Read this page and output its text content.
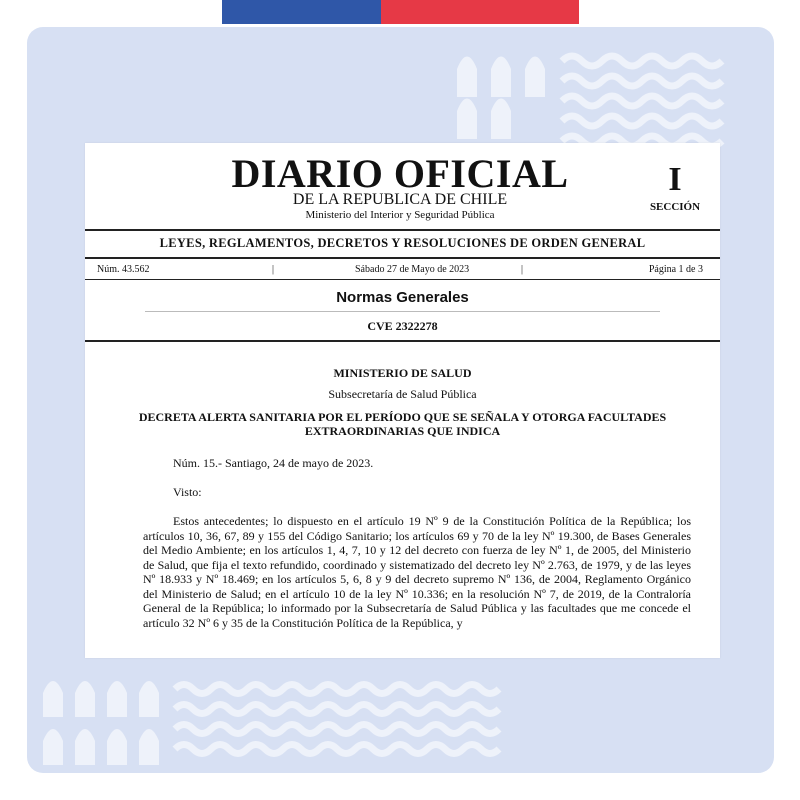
DIARIO OFICIAL
DE LA REPUBLICA DE CHILE
Ministerio del Interior y Seguridad Pública
I
SECCIÓN
LEYES, REGLAMENTOS, DECRETOS Y RESOLUCIONES DE ORDEN GENERAL
Núm. 43.562	|	Sábado 27 de Mayo de 2023	|	Página 1 de 3
Normas Generales
CVE 2322278
MINISTERIO DE SALUD
Subsecretaría de Salud Pública
DECRETA ALERTA SANITARIA POR EL PERÍODO QUE SE SEÑALA Y OTORGA FACULTADES EXTRAORDINARIAS QUE INDICA
Núm. 15.- Santiago, 24 de mayo de 2023.
Visto:

Estos antecedentes; lo dispuesto en el artículo 19 Nº 9 de la Constitución Política de la República; los artículos 10, 36, 67, 89 y 155 del Código Sanitario; los artículos 69 y 70 de la ley Nº 19.300, de Bases Generales del Medio Ambiente; en los artículos 1, 4, 7, 10 y 12 del decreto con fuerza de ley Nº 1, de 2005, del Ministerio de Salud, que fija el texto refundido, coordinado y sistematizado del decreto ley Nº 2.763, de 1979, y de las leyes Nº 18.933 y Nº 18.469; en los artículos 5, 6, 8 y 9 del decreto supremo Nº 136, de 2004, Reglamento Orgánico del Ministerio de Salud; en el artículo 10 de la ley Nº 10.336; en la resolución Nº 7, de 2019, de la Contraloría General de la República; lo informado por la Subsecretaría de Salud Pública y las facultades que me concede el artículo 32 Nº 6 y 35 de la Constitución Política de la República, y
